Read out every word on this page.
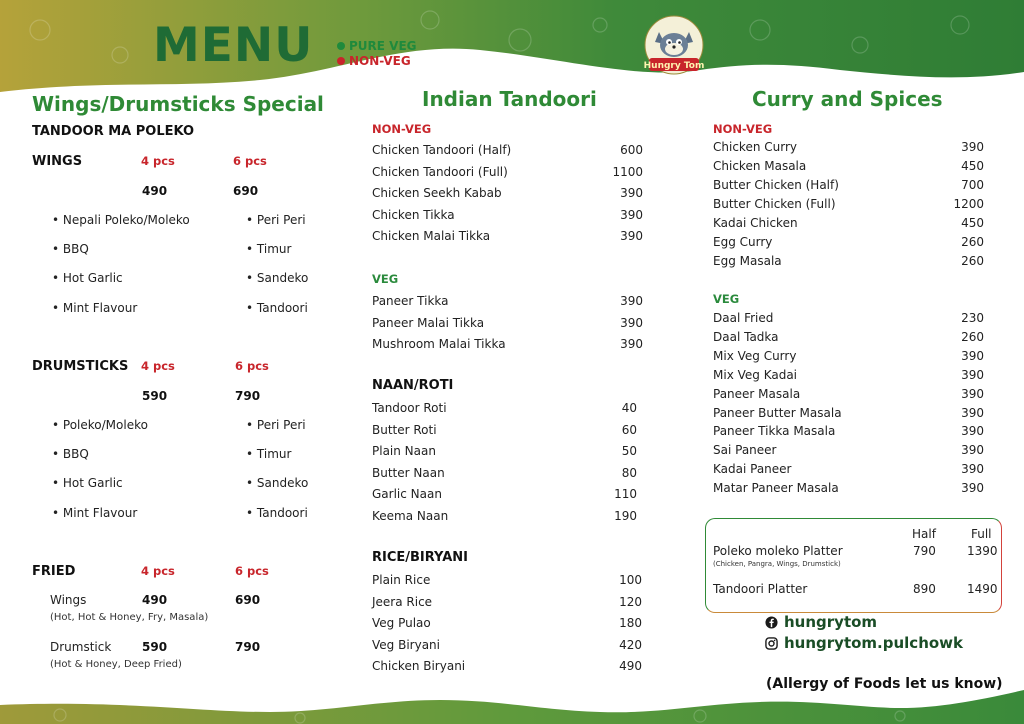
MENU	PURE VEG
NON-VEG	Hungry Tom
Wings/Drumsticks Special
TANDOOR MA POLEKO
WINGS	4 pcs	6 pcs
490	690
• Nepali Poleko/Moleko
• BBQ
• Hot Garlic
• Mint Flavour
• Peri Peri
• Timur
• Sandeko
• Tandoori
DRUMSTICKS 4 pcs	6 pcs
590	790
• Poleko/Moleko
• BBQ
• Hot Garlic
• Mint Flavour
• Peri Peri
• Timur
• Sandeko
• Tandoori
FRIED	4 pcs	6 pcs
Wings	490	690
(Hot, Hot & Honey, Fry, Masala)
Drumstick	590	790
(Hot & Honey, Deep Fried)
Indian Tandoori
NON-VEG
Chicken Tandoori (Half)	600
Chicken Tandoori (Full)	1100
Chicken Seekh Kabab	390
Chicken Tikka	390
Chicken Malai Tikka	390
VEG
Paneer Tikka	390
Paneer Malai Tikka	390
Mushroom Malai Tikka	390
NAAN/ROTI
Tandoor Roti	40
Butter Roti	60
Plain Naan	50
Butter Naan	80
Garlic Naan	110
Keema Naan	190
RICE/BIRYANI
Plain Rice	100
Jeera Rice	120
Veg Pulao	180
Veg Biryani	420
Chicken Biryani	490
Curry and Spices
NON-VEG
Chicken Curry	390
Chicken Masala	450
Butter Chicken (Half)	700
Butter Chicken (Full)	1200
Kadai Chicken	450
Egg Curry	260
Egg Masala	260
VEG
Daal Fried	230
Daal Tadka	260
Mix Veg Curry	390
Mix Veg Kadai	390
Paneer Masala	390
Paneer Butter Masala	390
Paneer Tikka Masala	390
Sai Paneer	390
Kadai Paneer	390
Matar Paneer Masala	390
Half	Full
Poleko moleko Platter	790	1390
(Chicken, Pangra, Wings, Drumstick)
Tandoori Platter	890	1490
hungrytom
hungrytom.pulchowk
(Allergy of Foods let us know)
